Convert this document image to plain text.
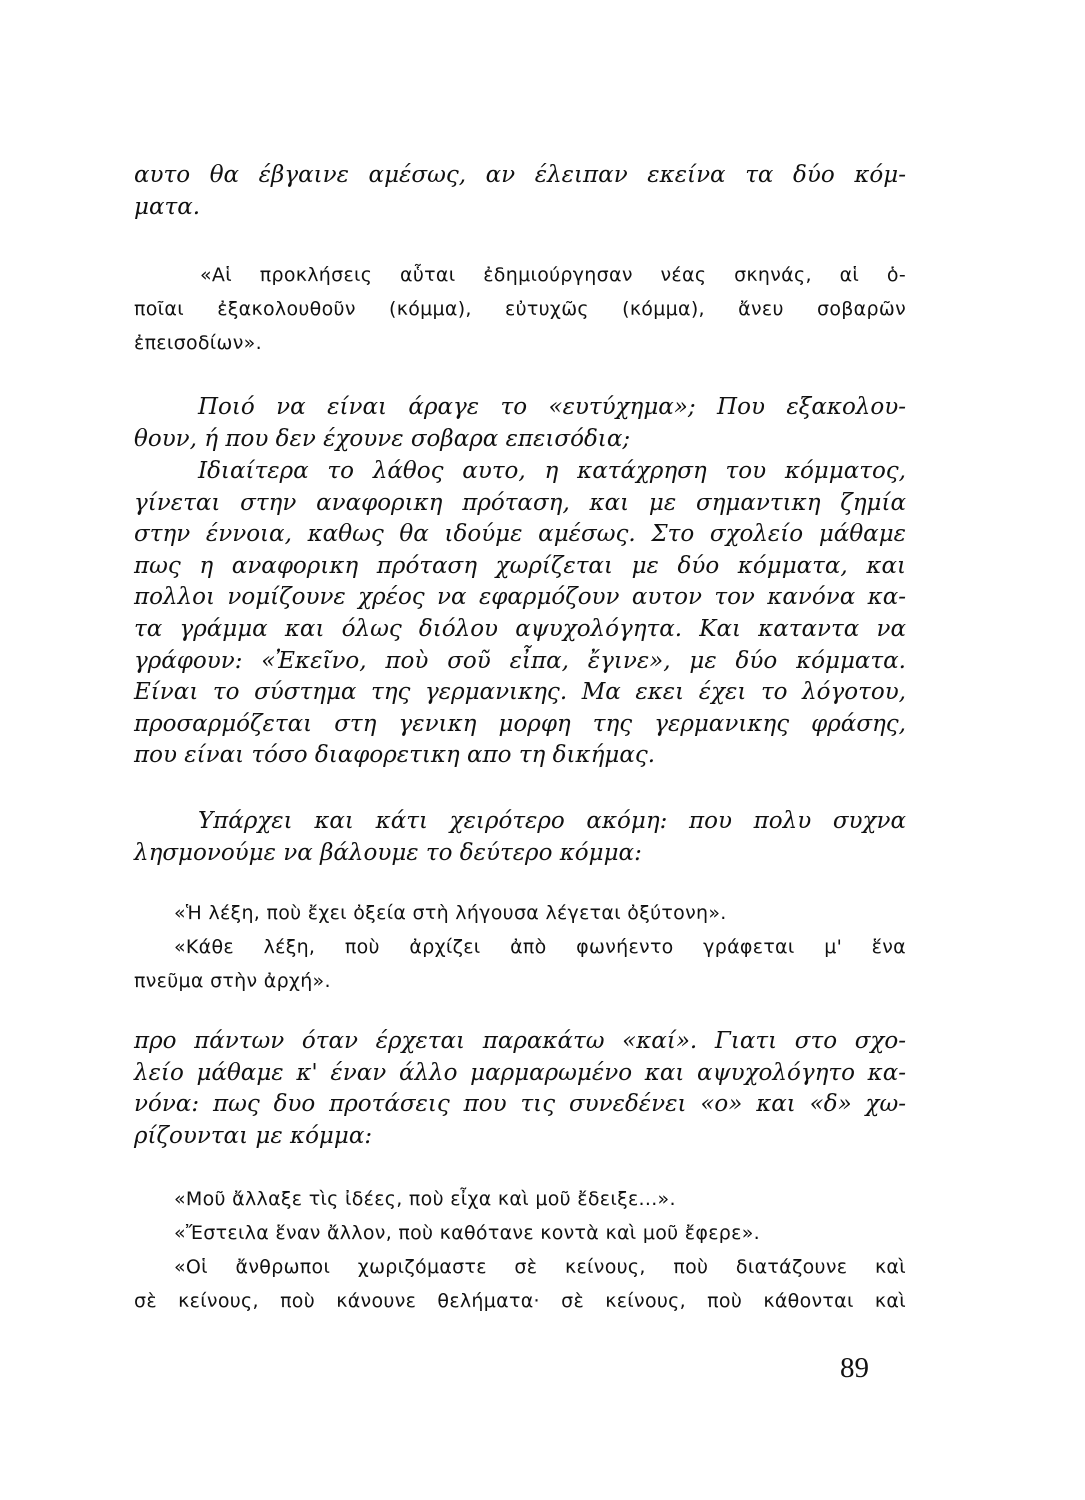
αυτο θα έβγαινε αμέσως, αν έλειπαν εκείνα τα δύο κόμ-
ματα.
«Αἱ προκλήσεις αὗται ἐδημιούργησαν νέας σκηνάς, αἱ ὁ-
ποῖαι ἐξακολουθοῦν (κόμμα), εὐτυχῶς (κόμμα), ἄνευ σοβαρῶν
ἐπεισοδίων».
Ποιό να είναι άραγε το «ευτύχημα»; Που εξακολου-
θουν, ή που δεν έχουνε σοβαρα επεισόδια;
Ιδιαίτερα το λάθος αυτο, η κατάχρηση του κόμματος,
γίνεται στην αναφορικη πρόταση, και με σημαντικη ζημία
στην έννοια, καθως θα ιδούμε αμέσως. Στο σχολείο μάθαμε
πως η αναφορικη πρόταση χωρίζεται με δύο κόμματα, και
πολλοι νομίζουνε χρέος να εφαρμόζουν αυτον τον κανόνα κα-
τα γράμμα και όλως διόλου αψυχολόγητα. Και καταντα να
γράφουν: «Ἐκεῖνο, ποὺ σοῦ εἶπα, ἔγινε», με δύο κόμματα.
Είναι το σύστημα της γερμανικης. Μα εκει έχει το λόγοτου,
προσαρμόζεται στη γενικη μορφη της γερμανικης φράσης,
που είναι τόσο διαφορετικη απο τη δικήμας.
Υπάρχει και κάτι χειρότερο ακόμη: που πολυ συχνα
λησμονούμε να βάλουμε το δεύτερο κόμμα:
«Ἡ λέξη, ποὺ ἔχει ὀξεία στὴ λήγουσα λέγεται ὀξύτονη».
«Κάθε λέξη, ποὺ ἀρχίζει ἀπὸ φωνήεντο γράφεται μ' ἕνα
πνεῦμα στὴν ἀρχή».
προ πάντων όταν έρχεται παρακάτω «καί». Γιατι στο σχο-
λείο μάθαμε κ' έναν άλλο μαρμαρωμένο και αψυχολόγητο κα-
νόνα: πως δυο προτάσεις που τις συνεδένει «ο» και «δ» χω-
ρίζουνται με κόμμα:
«Μοῦ ἄλλαξε τὶς ἰδέες, ποὺ εἶχα καὶ μοῦ ἔδειξε...».
«Ἔστειλα ἕναν ἄλλον, ποὺ καθότανε κοντὰ καὶ μοῦ ἔφερε».
«Οἱ ἄνθρωποι χωριζόμαστε σὲ κείνους, ποὺ διατάζουνε καὶ
σὲ κείνους, ποὺ κάνουνε θελήματα· σὲ κείνους, ποὺ κάθονται καὶ
89
